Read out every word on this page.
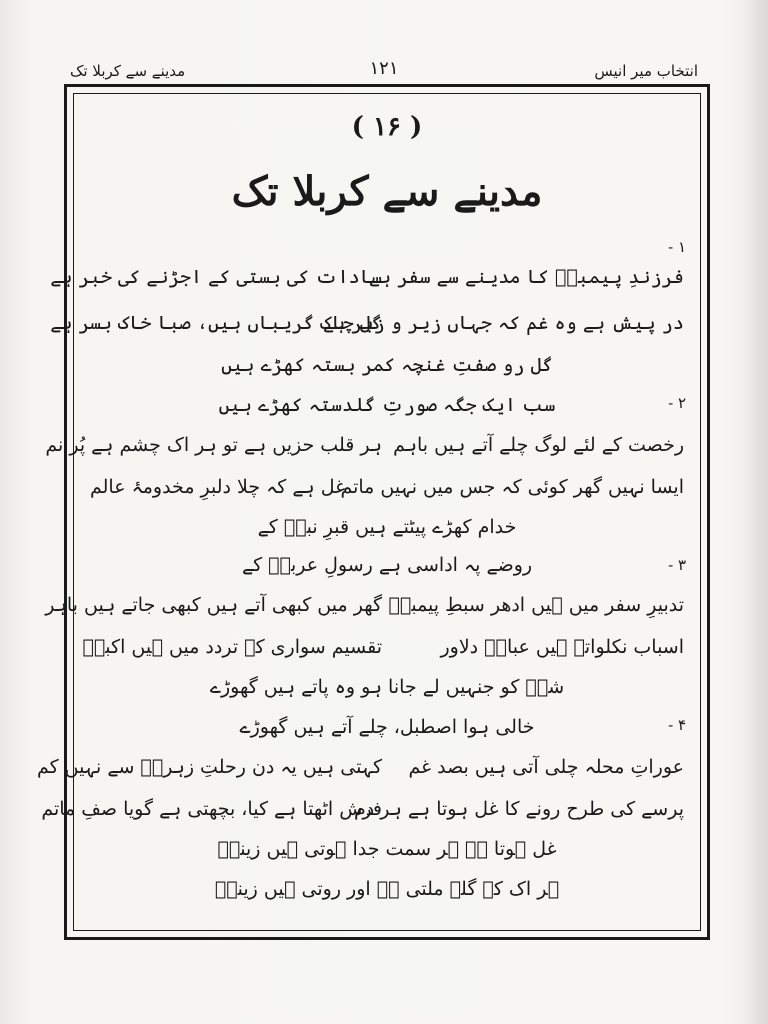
انتخاب میر انیس
۱۲۱
مدینے سے کربلا تک
( ۱۶ )
مدینے سے کربلا تک
۱ -
فرزندِ پیمبرؐ کا مدینے سے سفر ہے
سادات کی بستی کے اجڑنے کی خبر ہے
در پیش ہے وہ غم کہ جہاں زیر و زبر ہے
گل چاک گریباں ہیں، صبا خاک بسر ہے
گل رو صفتِ غنچہ کمر بستہ کھڑے ہیں
سب ایک جگہ صورتِ گلدستہ کھڑے ہیں	۲ -
رخصت کے لئے لوگ چلے آتے ہیں باہم
ہر قلب حزیں ہے تو ہر اک چشم ہے پُر نم
ایسا نہیں گھر کوئی کہ جس میں نہیں ماتم
غل ہے کہ چلا دلبرِ مخدومۂ عالم
خدام کھڑے پیٹتے ہیں قبرِ نبیؐ کے
روضے پہ اداسی ہے رسولِ عربیؐ کے	۳ -
تدبیرِ سفر میں ہیں ادھر سبطِ پیمبرؐ
گھر میں کبھی آتے ہیں کبھی جاتے ہیں باہر
اسباب نکلواتے ہیں عباسؑ دلاور
تقسیم سواری کے تردد میں ہیں اکبرؑ
شہؑ کو جنہیں لے جانا ہو وہ پاتے ہیں گھوڑے
خالی ہوا اصطبل، چلے آتے ہیں گھوڑے	۴ -
عوراتِ محلہ چلی آتی ہیں بصد غم
کہتی ہیں یہ دن رحلتِ زہراؑ سے نہیں کم
پرسے کی طرح رونے کا غل ہوتا ہے ہر دم
فرش اٹھتا ہے کیا، بچھتی ہے گویا صفِ ماتم
غل ہوتا ہے ہر سمت جدا ہوتی ہیں زینبؑ
ہر اک کے گلے ملتی ہے اور روتی ہیں زینبؑ
